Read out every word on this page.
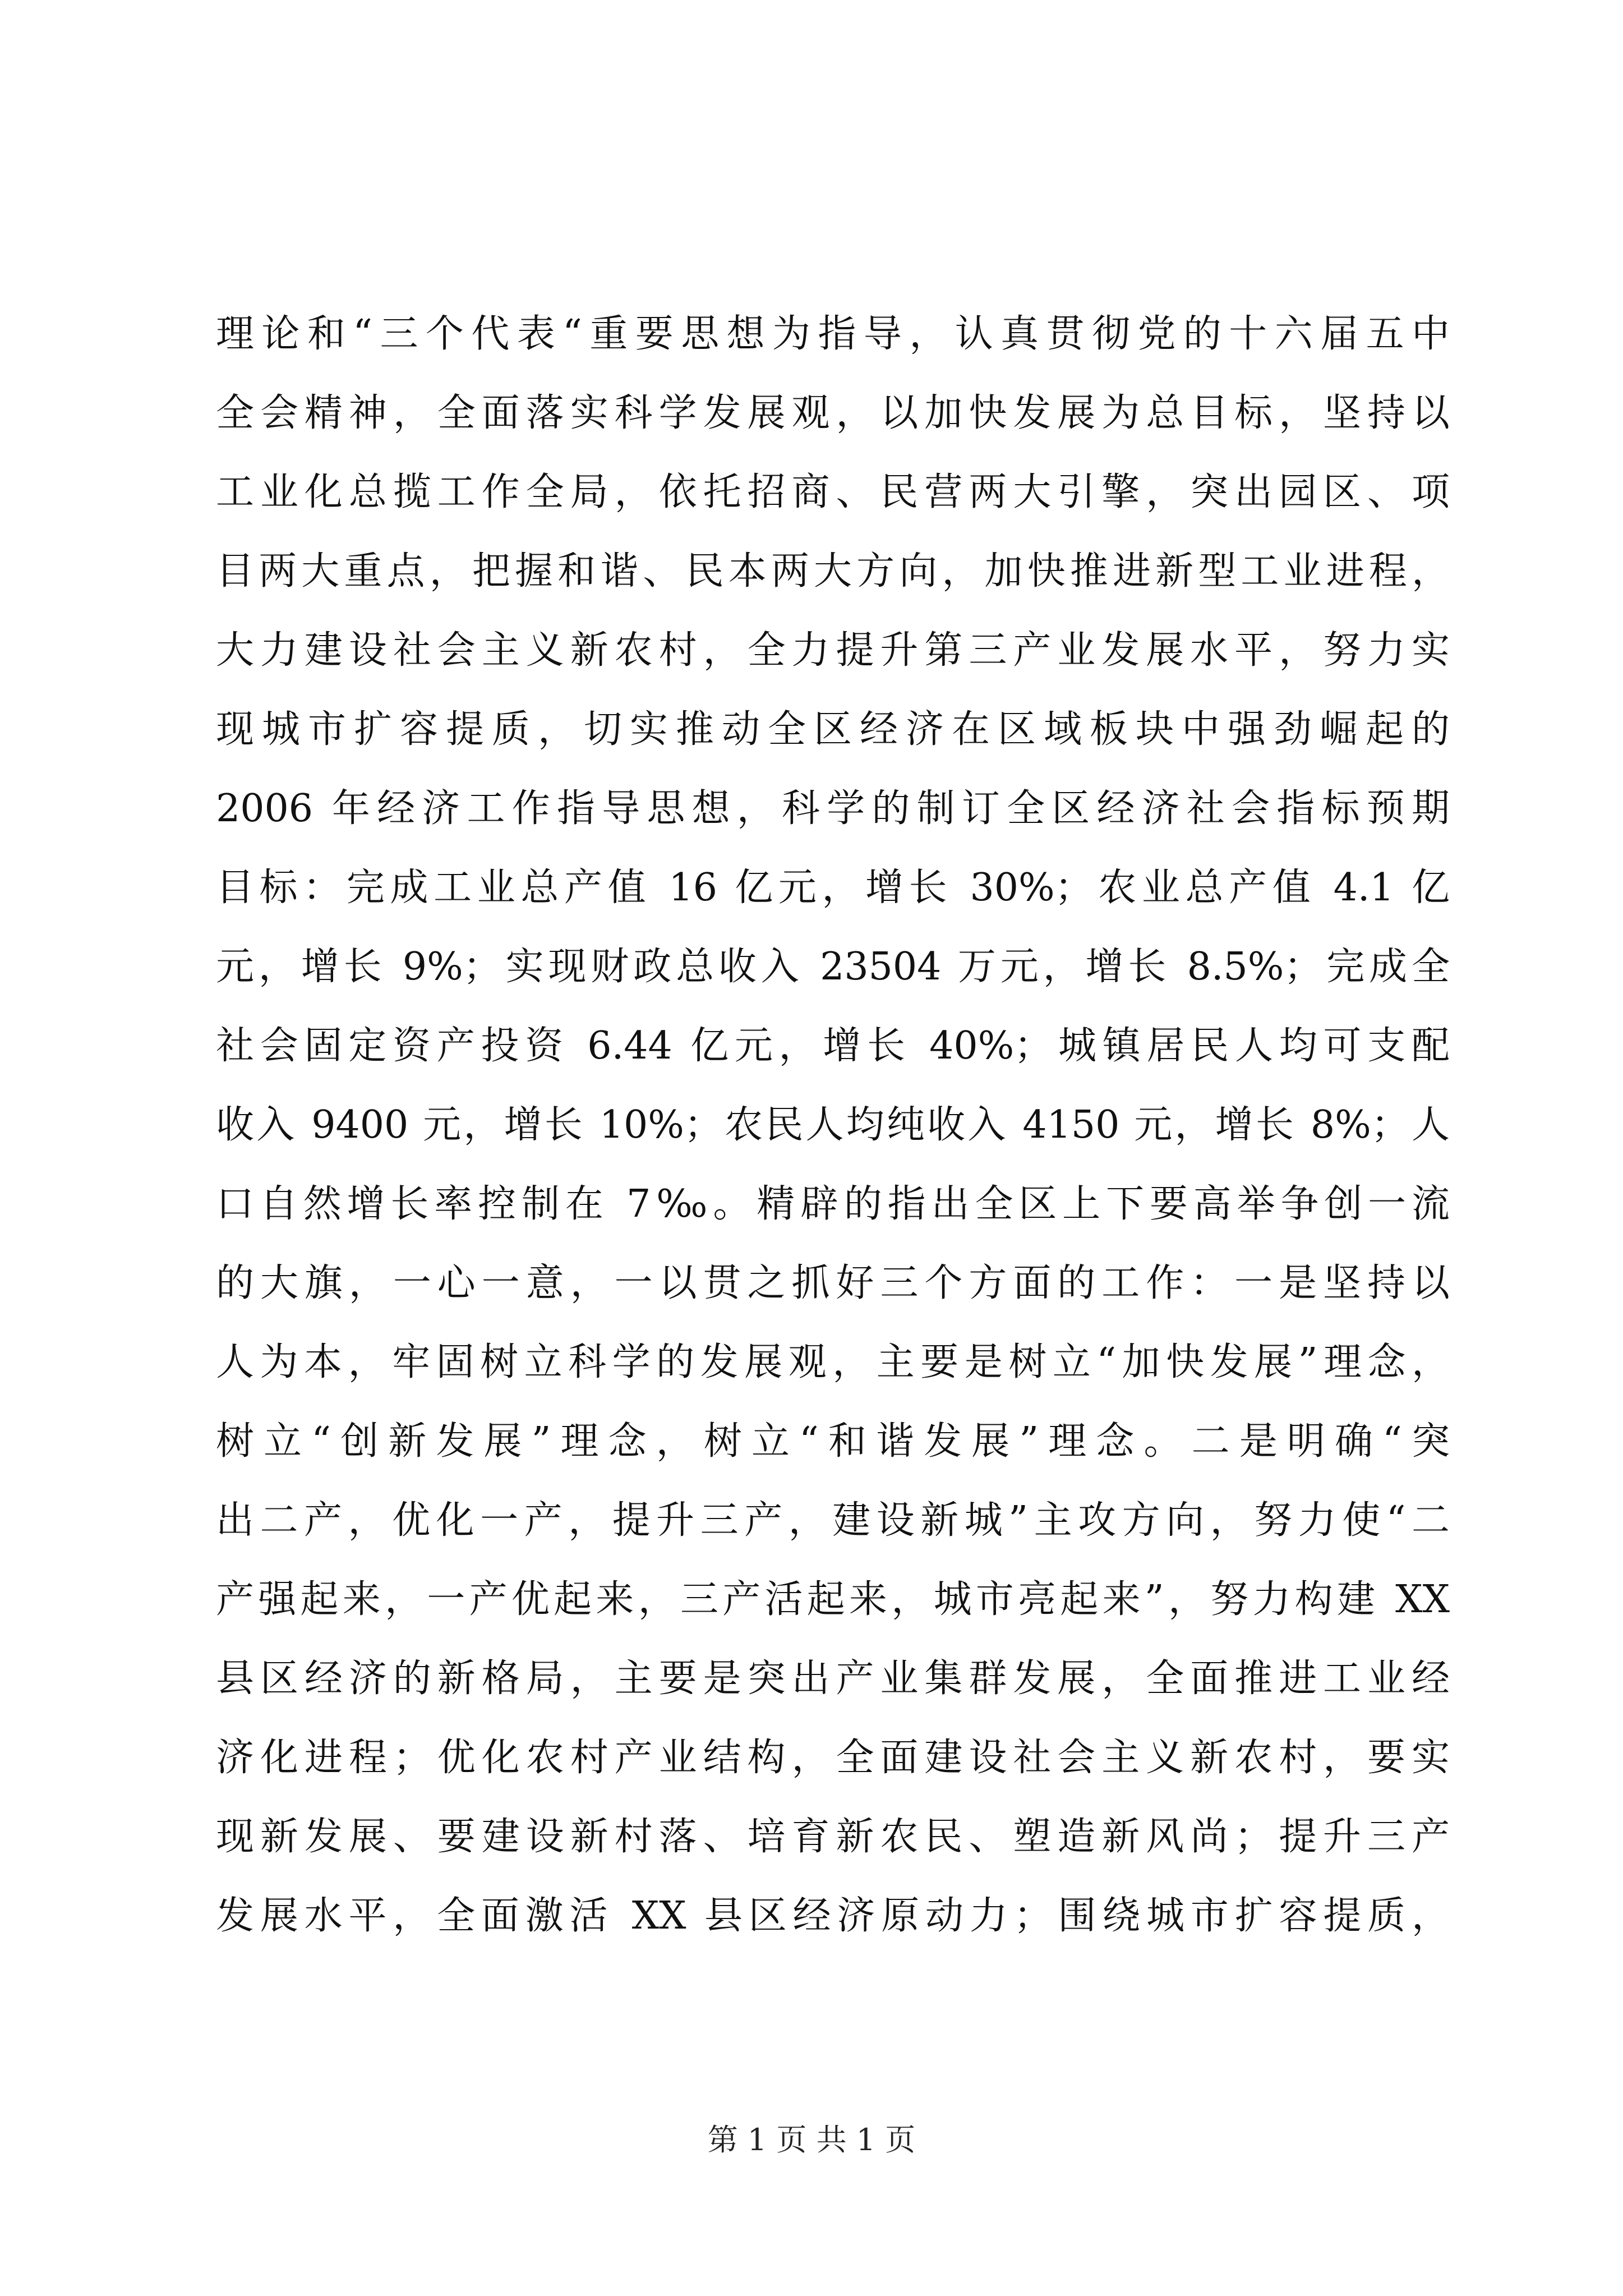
理论和“三个代表“重要思想为指导，认真贯彻党的十六届五中
全会精神，全面落实科学发展观，以加快发展为总目标，坚持以
工业化总揽工作全局，依托招商、民营两大引擎，突出园区、项
目两大重点，把握和谐、民本两大方向，加快推进新型工业进程，
大力建设社会主义新农村，全力提升第三产业发展水平，努力实
现城市扩容提质，切实推动全区经济在区域板块中强劲崛起的
2006 年经济工作指导思想，科学的制订全区经济社会指标预期
目标：完成工业总产值 16 亿元，增长 30%；农业总产值 4.1 亿
元，增长 9%；实现财政总收入 23504 万元，增长 8.5%；完成全
社会固定资产投资 6.44 亿元，增长 40%；城镇居民人均可支配
收入 9400 元，增长 10%；农民人均纯收入 4150 元，增长 8%；人
口自然增长率控制在 7‰。精辟的指出全区上下要高举争创一流
的大旗，一心一意，一以贯之抓好三个方面的工作：一是坚持以
人为本，牢固树立科学的发展观，主要是树立“加快发展”理念，
树立“创新发展”理念，树立“和谐发展”理念。二是明确“突
出二产，优化一产，提升三产，建设新城”主攻方向，努力使“二
产强起来，一产优起来，三产活起来，城市亮起来”，努力构建 XX
县区经济的新格局，主要是突出产业集群发展，全面推进工业经
济化进程；优化农村产业结构，全面建设社会主义新农村，要实
现新发展、要建设新村落、培育新农民、塑造新风尚；提升三产
发展水平，全面激活 XX 县区经济原动力；围绕城市扩容提质，
第 1 页 共 1 页
